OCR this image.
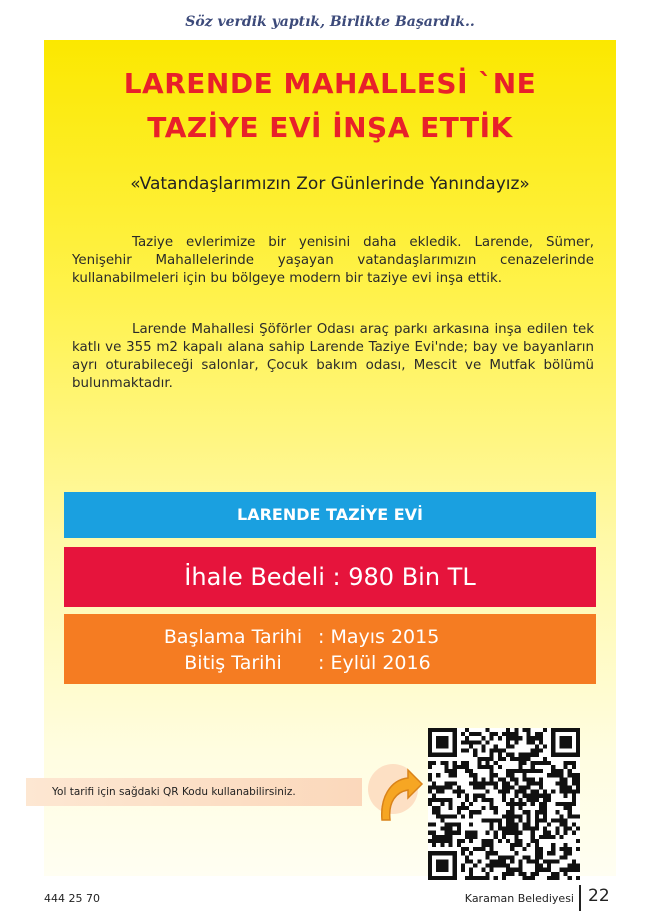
Söz verdik yaptık, Birlikte Başardık..
LARENDE MAHALLESİ `NE
TAZİYE EVİ İNŞA ETTİK
«Vatandaşlarımızın Zor Günlerinde Yanındayız»
Taziye evlerimize bir yenisini daha ekledik. Larende, Sümer, Yenişehir Mahallelerinde yaşayan vatandaşlarımızın cenazelerinde kullanabilmeleri için bu bölgeye modern bir taziye evi inşa ettik.
Larende Mahallesi Şöförler Odası araç parkı arkasına inşa edilen tek katlı ve 355 m2 kapalı alana sahip Larende Taziye Evi'nde; bay ve bayanların ayrı oturabileceği salonlar, Çocuk bakım odası, Mescit ve Mutfak bölümü bulunmaktadır.
LARENDE TAZİYE EVİ
İhale Bedeli : 980 Bin TL
Başlama Tarihi : Mayıs 2015
Bitiş Tarihi : Eylül 2016
Yol tarifi için sağdaki QR Kodu kullanabilirsiniz.
444 25 70	Karaman Belediyesi 22
